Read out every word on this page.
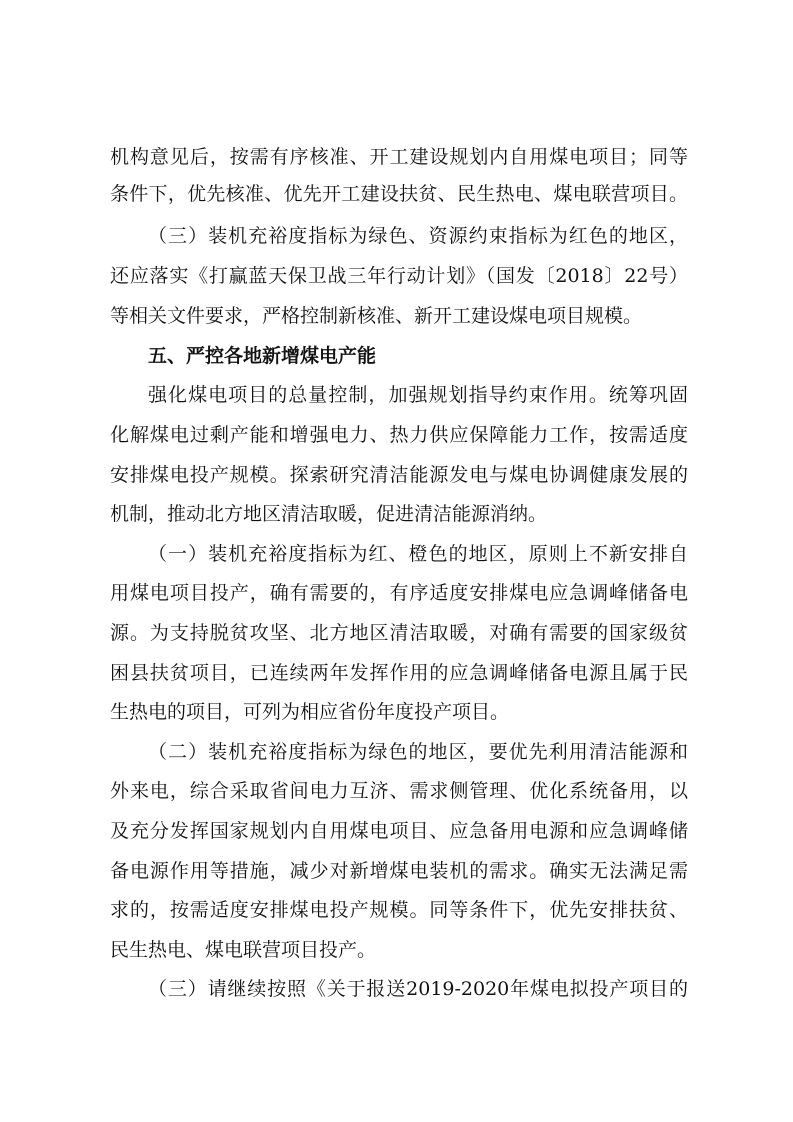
机构意见后，按需有序核准、开工建设规划内自用煤电项目；同等
条件下，优先核准、优先开工建设扶贫、民生热电、煤电联营项目。
（三）装机充裕度指标为绿色、资源约束指标为红色的地区，
还应落实《打赢蓝天保卫战三年行动计划》（国发〔2018〕22号）
等相关文件要求，严格控制新核准、新开工建设煤电项目规模。
五、严控各地新增煤电产能
强化煤电项目的总量控制，加强规划指导约束作用。统筹巩固
化解煤电过剩产能和增强电力、热力供应保障能力工作，按需适度
安排煤电投产规模。探索研究清洁能源发电与煤电协调健康发展的
机制，推动北方地区清洁取暖，促进清洁能源消纳。
（一）装机充裕度指标为红、橙色的地区，原则上不新安排自
用煤电项目投产，确有需要的，有序适度安排煤电应急调峰储备电
源。为支持脱贫攻坚、北方地区清洁取暖，对确有需要的国家级贫
困县扶贫项目，已连续两年发挥作用的应急调峰储备电源且属于民
生热电的项目，可列为相应省份年度投产项目。
（二）装机充裕度指标为绿色的地区，要优先利用清洁能源和
外来电，综合采取省间电力互济、需求侧管理、优化系统备用，以
及充分发挥国家规划内自用煤电项目、应急备用电源和应急调峰储
备电源作用等措施，减少对新增煤电装机的需求。确实无法满足需
求的，按需适度安排煤电投产规模。同等条件下，优先安排扶贫、
民生热电、煤电联营项目投产。
（三）请继续按照《关于报送2019-2020年煤电拟投产项目的
